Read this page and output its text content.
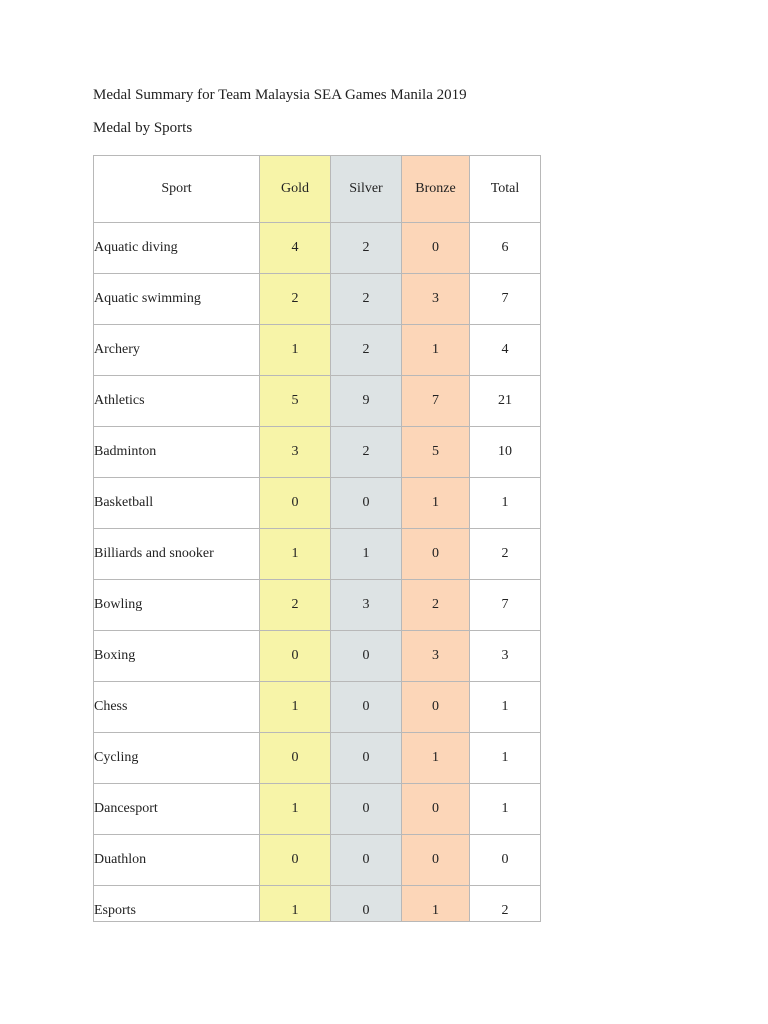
Medal Summary for Team Malaysia SEA Games Manila 2019

Medal by Sports

Sport	Gold	Silver	Bronze	Total
Aquatic diving	4	2	0	6
Aquatic swimming	2	2	3	7
Archery	1	2	1	4
Athletics	5	9	7	21
Badminton	3	2	5	10
Basketball	0	0	1	1
Billiards and snooker	1	1	0	2
Bowling	2	3	2	7
Boxing	0	0	3	3
Chess	1	0	0	1
Cycling	0	0	1	1
Dancesport	1	0	0	1
Duathlon	0	0	0	0
Esports	1	0	1	2
